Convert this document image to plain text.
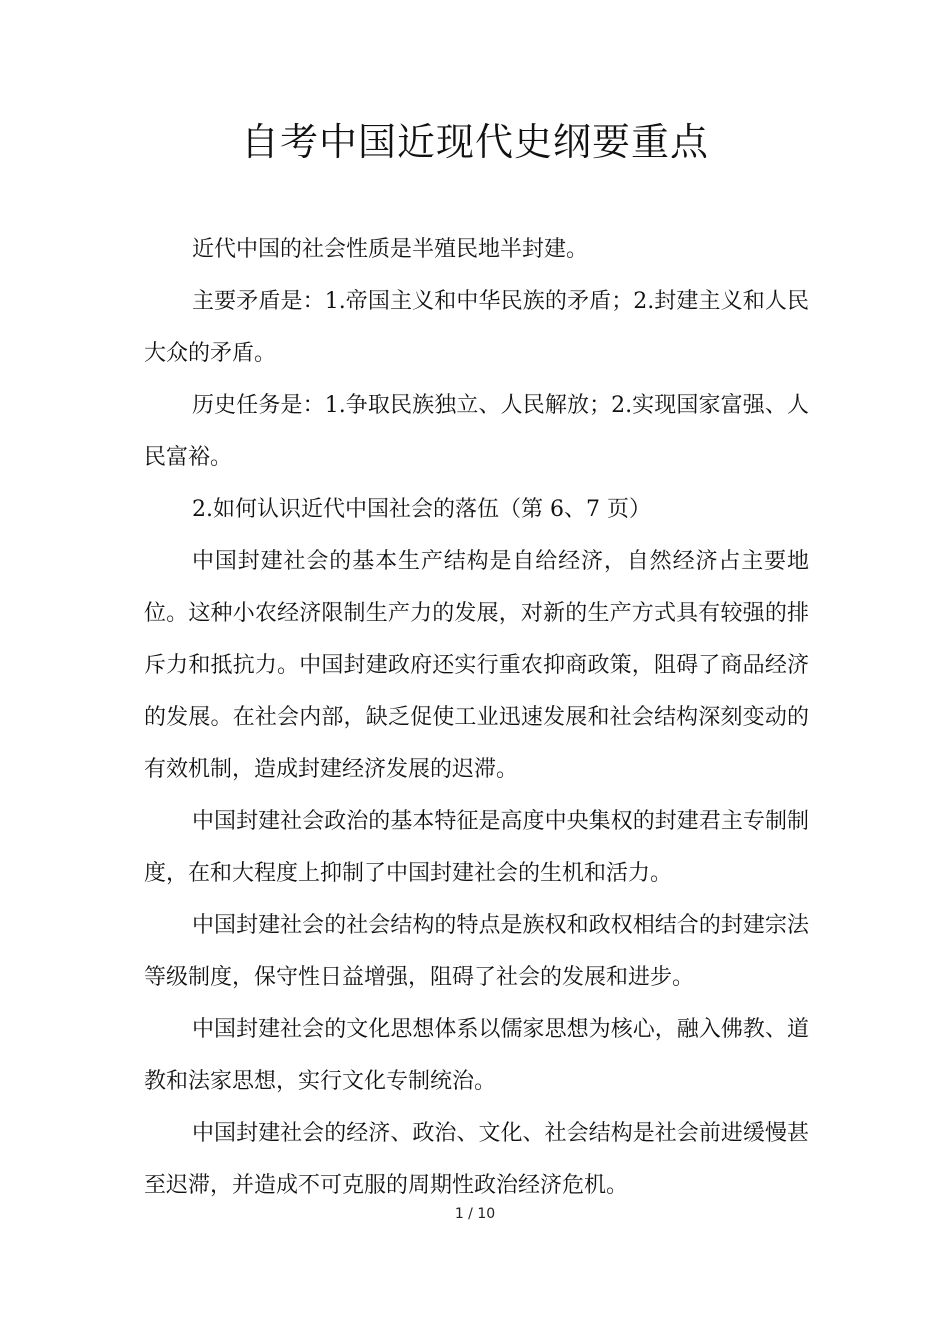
自考中国近现代史纲要重点

近代中国的社会性质是半殖民地半封建。

主要矛盾是：1.帝国主义和中华民族的矛盾；2.封建主义和人民大众的矛盾。

历史任务是：1.争取民族独立、人民解放；2.实现国家富强、人民富裕。

2.如何认识近代中国社会的落伍（第 6、7 页）

中国封建社会的基本生产结构是自给经济，自然经济占主要地位。这种小农经济限制生产力的发展，对新的生产方式具有较强的排斥力和抵抗力。中国封建政府还实行重农抑商政策，阻碍了商品经济的发展。在社会内部，缺乏促使工业迅速发展和社会结构深刻变动的有效机制，造成封建经济发展的迟滞。

中国封建社会政治的基本特征是高度中央集权的封建君主专制制度，在和大程度上抑制了中国封建社会的生机和活力。

中国封建社会的社会结构的特点是族权和政权相结合的封建宗法等级制度，保守性日益增强，阻碍了社会的发展和进步。

中国封建社会的文化思想体系以儒家思想为核心，融入佛教、道教和法家思想，实行文化专制统治。

中国封建社会的经济、政治、文化、社会结构是社会前进缓慢甚至迟滞，并造成不可克服的周期性政治经济危机。

1 / 10
